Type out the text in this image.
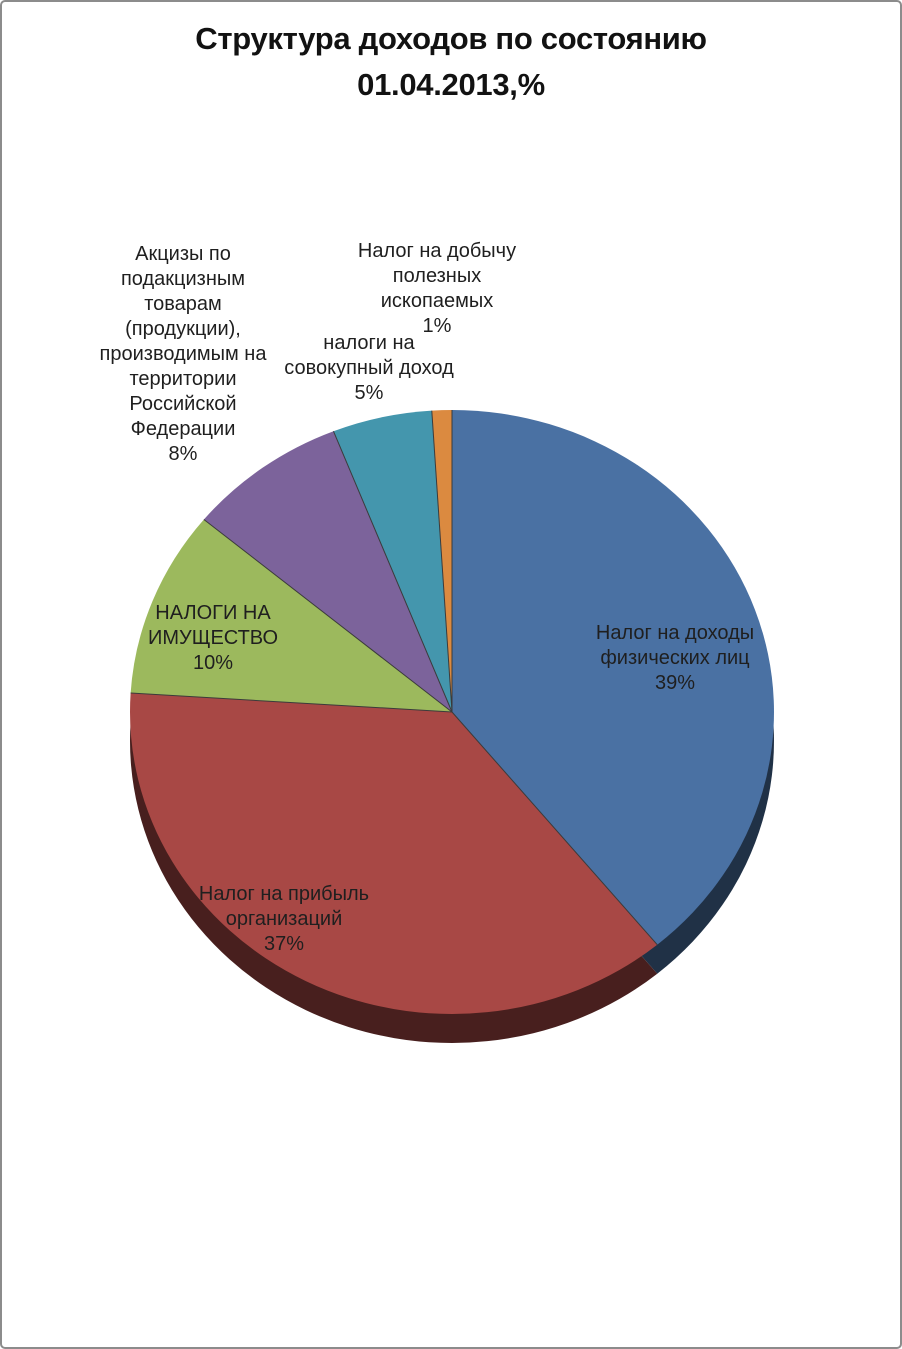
Структура доходов по состоянию
01.04.2013,%
Налог на доходы
физических лиц
39%
Налог на прибыль
организаций
37%
НАЛОГИ НА
ИМУЩЕСТВО
10%
Акцизы по
подакцизным
товарам
(продукции),
производимым на
территории
Российской
Федерации
8%
налоги на
совокупный доход
5%
Налог на добычу
полезных
ископаемых
1%
